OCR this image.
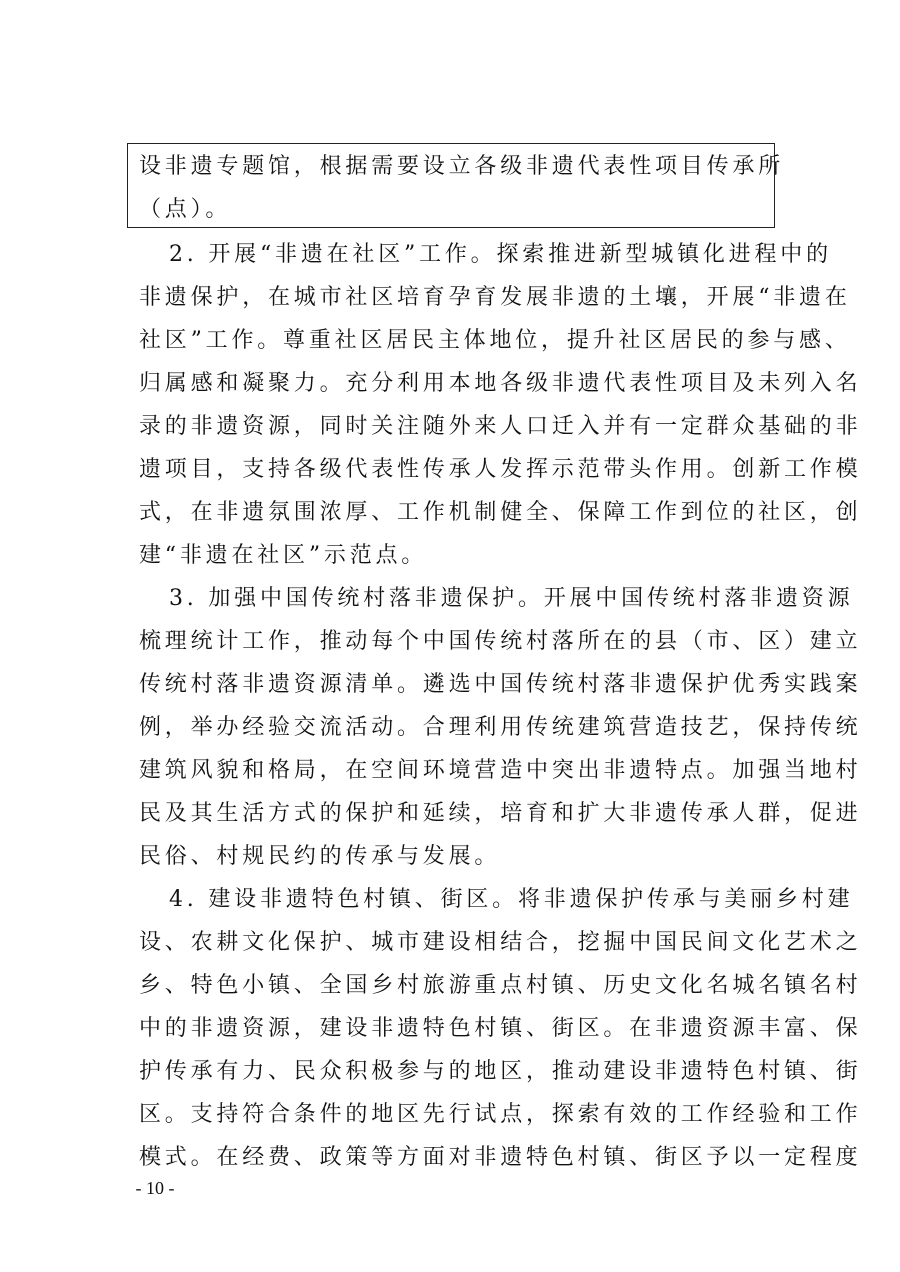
设非遗专题馆，根据需要设立各级非遗代表性项目传承所
（点）。
2. 开展“非遗在社区”工作。探索推进新型城镇化进程中的
非遗保护，在城市社区培育孕育发展非遗的土壤，开展“非遗在
社区”工作。尊重社区居民主体地位，提升社区居民的参与感、
归属感和凝聚力。充分利用本地各级非遗代表性项目及未列入名
录的非遗资源，同时关注随外来人口迁入并有一定群众基础的非
遗项目，支持各级代表性传承人发挥示范带头作用。创新工作模
式，在非遗氛围浓厚、工作机制健全、保障工作到位的社区，创
建“非遗在社区”示范点。
3. 加强中国传统村落非遗保护。开展中国传统村落非遗资源
梳理统计工作，推动每个中国传统村落所在的县（市、区）建立
传统村落非遗资源清单。遴选中国传统村落非遗保护优秀实践案
例，举办经验交流活动。合理利用传统建筑营造技艺，保持传统
建筑风貌和格局，在空间环境营造中突出非遗特点。加强当地村
民及其生活方式的保护和延续，培育和扩大非遗传承人群，促进
民俗、村规民约的传承与发展。
4. 建设非遗特色村镇、街区。将非遗保护传承与美丽乡村建
设、农耕文化保护、城市建设相结合，挖掘中国民间文化艺术之
乡、特色小镇、全国乡村旅游重点村镇、历史文化名城名镇名村
中的非遗资源，建设非遗特色村镇、街区。在非遗资源丰富、保
护传承有力、民众积极参与的地区，推动建设非遗特色村镇、街
区。支持符合条件的地区先行试点，探索有效的工作经验和工作
模式。在经费、政策等方面对非遗特色村镇、街区予以一定程度
- 10 -
